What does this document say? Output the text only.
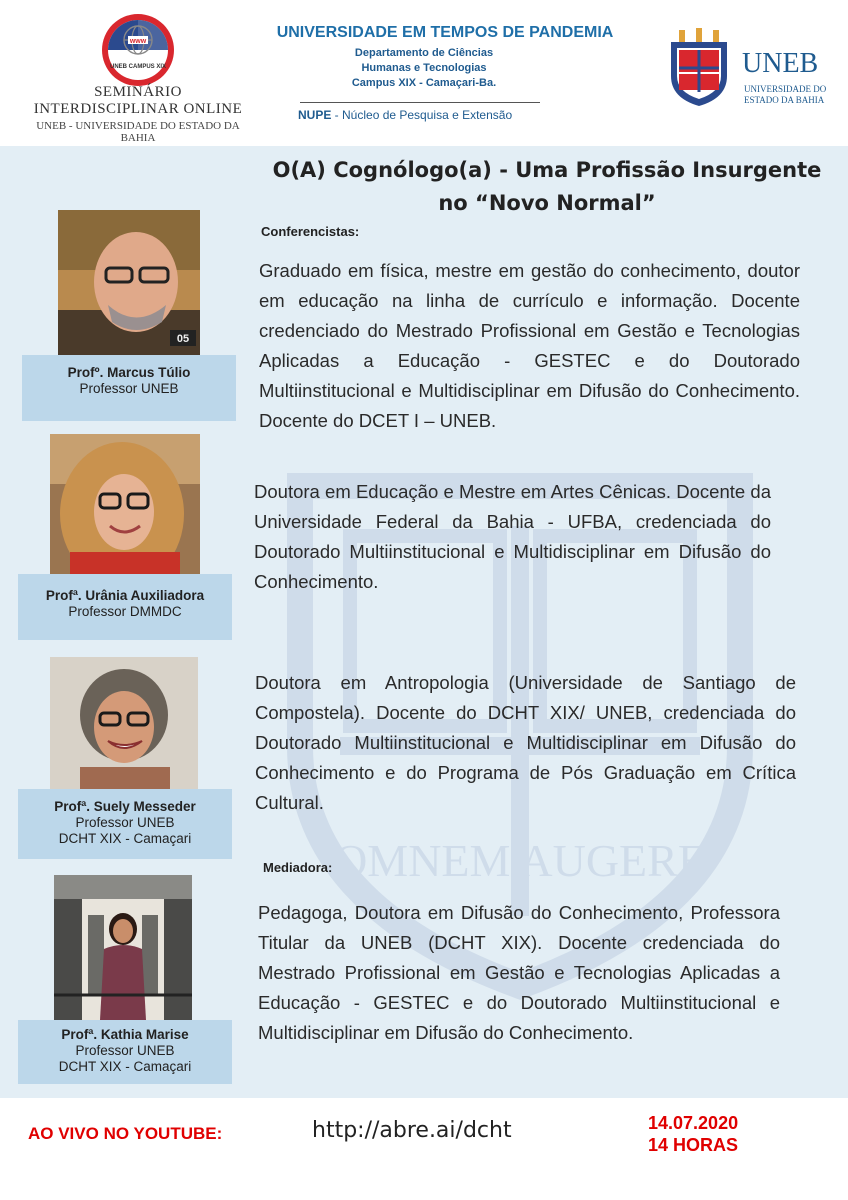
www
UNEB CAMPUS XIX
SEMINÁRIO
INTERDISCIPLINAR ONLINE
UNEB - UNIVERSIDADE DO ESTADO DA BAHIA
UNIVERSIDADE EM TEMPOS DE PANDEMIA
Departamento de Ciências
Humanas e Tecnologias
Campus XIX - Camaçari-Ba.
NUPE - Núcleo de Pesquisa e Extensão
UNEB
UNIVERSIDADE DO
ESTADO DA BAHIA
OMNEM AUGERE
O(A) Cognólogo(a) - Uma Profissão Insurgente
no “Novo Normal”
Conferencistas:
05
Profº. Marcus Túlio
Professor UNEB
Graduado em física, mestre em gestão do conhecimento, doutor em educação na linha de currículo e informação. Docente credenciado do Mestrado Profissional em Gestão e Tecnologias Aplicadas a Educação - GESTEC e do Doutorado Multiinstitucional e Multidisciplinar em Difusão do Conhecimento. Docente do DCET I – UNEB.
Profª. Urânia Auxiliadora
Professor DMMDC
Doutora em Educação e Mestre em Artes Cênicas. Docente da Universidade Federal da Bahia - UFBA, credenciada do Doutorado Multiinstitucional e Multidisciplinar em Difusão do Conhecimento.
Profª. Suely Messeder
Professor UNEB
DCHT XIX - Camaçari
Doutora em Antropologia (Universidade de Santiago de Compostela). Docente do DCHT XIX/ UNEB, credenciada do Doutorado Multiinstitucional e Multidisciplinar em Difusão do Conhecimento e do Programa de Pós Graduação em Crítica Cultural.
Mediadora:
Profª. Kathia Marise
Professor UNEB
DCHT XIX - Camaçari
Pedagoga, Doutora em Difusão do Conhecimento, Professora Titular da UNEB (DCHT XIX). Docente credenciada do Mestrado Profissional em Gestão e Tecnologias Aplicadas a Educação - GESTEC e do Doutorado Multiinstitucional e Multidisciplinar em Difusão do Conhecimento.
AO VIVO NO YOUTUBE:	http://abre.ai/dcht	14.07.2020
14 HORAS
